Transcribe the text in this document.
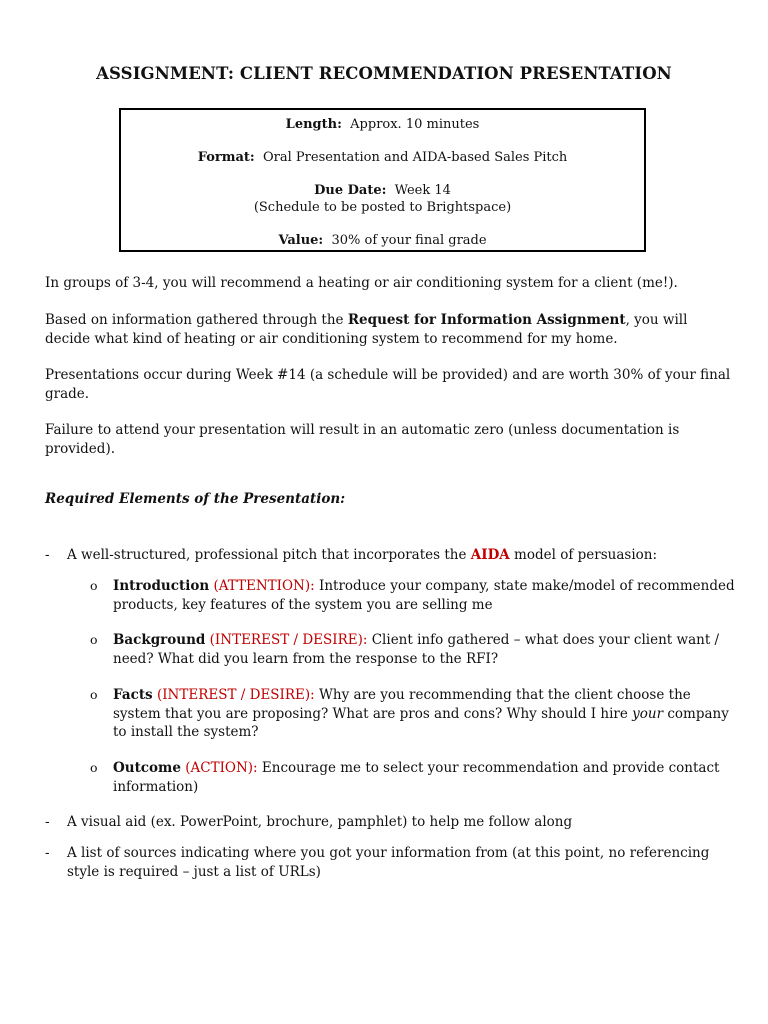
ASSIGNMENT: CLIENT RECOMMENDATION PRESENTATION
Length: Approx. 10 minutes
Format: Oral Presentation and AIDA-based Sales Pitch
Due Date: Week 14
(Schedule to be posted to Brightspace)
Value: 30% of your final grade
In groups of 3-4, you will recommend a heating or air conditioning system for a client (me!).
Based on information gathered through the Request for Information Assignment, you will decide what kind of heating or air conditioning system to recommend for my home.
Presentations occur during Week #14 (a schedule will be provided) and are worth 30% of your final grade.
Failure to attend your presentation will result in an automatic zero (unless documentation is provided).
Required Elements of the Presentation:
- A well-structured, professional pitch that incorporates the AIDA model of persuasion:
o Introduction (ATTENTION): Introduce your company, state make/model of recommended products, key features of the system you are selling me
o Background (INTEREST / DESIRE): Client info gathered – what does your client want / need? What did you learn from the response to the RFI?
o Facts (INTEREST / DESIRE): Why are you recommending that the client choose the system that you are proposing? What are pros and cons? Why should I hire your company to install the system?
o Outcome (ACTION): Encourage me to select your recommendation and provide contact information)
- A visual aid (ex. PowerPoint, brochure, pamphlet) to help me follow along
- A list of sources indicating where you got your information from (at this point, no referencing style is required – just a list of URLs)
